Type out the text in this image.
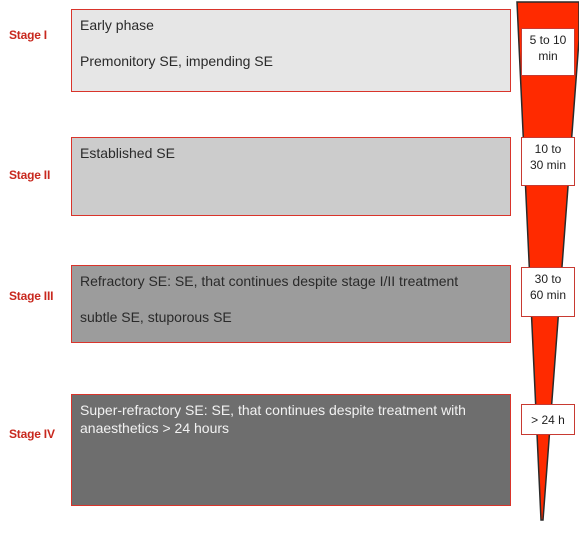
Stage I
Stage II
Stage III
Stage IV

Early phase

Premonitory SE, impending SE

Established SE

Refractory SE: SE, that continues despite stage I/II treatment

subtle SE, stuporous SE

Super-refractory SE: SE, that continues despite treatment with anaesthetics > 24 hours

5 to 10
min
10 to
30 min
30 to
60 min
> 24 h
